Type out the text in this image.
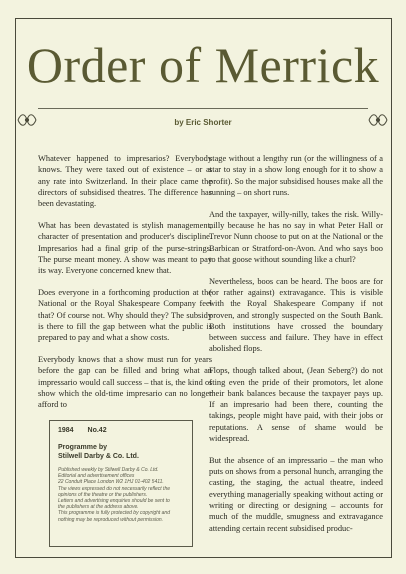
Order of Merrick
by Eric Shorter

Whatever happened to impresarios? Everybody knows. They were taxed out of existence – or at any rate into Switzerland. In their place came the directors of subsidised theatres. The difference has been devastating.

What has been devastated is stylish management, character of presentation and producer's discipline. Impresarios had a final grip of the purse-strings. The purse meant money. A show was meant to pay its way. Everyone concerned knew that.

Does everyone in a forthcoming production at the National or the Royal Shakespeare Company feel that? Of course not. Why should they? The subsidy is there to fill the gap between what the public is prepared to pay and what a show costs.

Everybody knows that a show must run for years before the gap can be filled and bring what an impressario would call success – that is, the kind of show which the old-time impresario can no longer afford to

stage without a lengthy run (or the willingness of a star to stay in a show long enough for it to show a profit). So the major subsidised houses make all the running – on short runs.

And the taxpayer, willy-nilly, takes the risk. Willy-nilly because he has no say in what Peter Hall or Trevor Nunn choose to put on at the National or the Barbican or Stratford-on-Avon. And who says boo to that goose without sounding like a churl?

Nevertheless, boos can be heard. The boos are for (or rather against) extravagance. This is visible with the Royal Shakespeare Company if not proven, and strongly suspected on the South Bank. Both institutions have crossed the boundary between success and failure. They have in effect abolished flops.

Flops, though talked about, (Jean Seberg?) do not sting even the pride of their promotors, let alone their bank balances because the taxpayer pays up. If an impresario had been there, counting the takings, people might have paid, with their jobs or reputations. A sense of shame would be widespread.

But the absence of an impressario – the man who puts on shows from a personal hunch, arranging the casting, the staging, the actual theatre, indeed everything managerially speaking without acting or writing or directing or designing – accounts for much of the muddle, smugness and extravagance attending certain recent subsidised produc-

1984 No.42
Programme by
Stilwell Darby & Co. Ltd.
Published weekly by Stilwell Darby & Co. Ltd.
Editorial and advertisement offices
22 Conduit Place London W2 1HJ 01-402 5411.
The views expressed do not necessarily reflect the
opinions of the theatre or the publishers.
Letters and advertising enquiries should be sent to
the publishers at the address above.
This programme is fully protected by copyright and
nothing may be reproduced without permission.
